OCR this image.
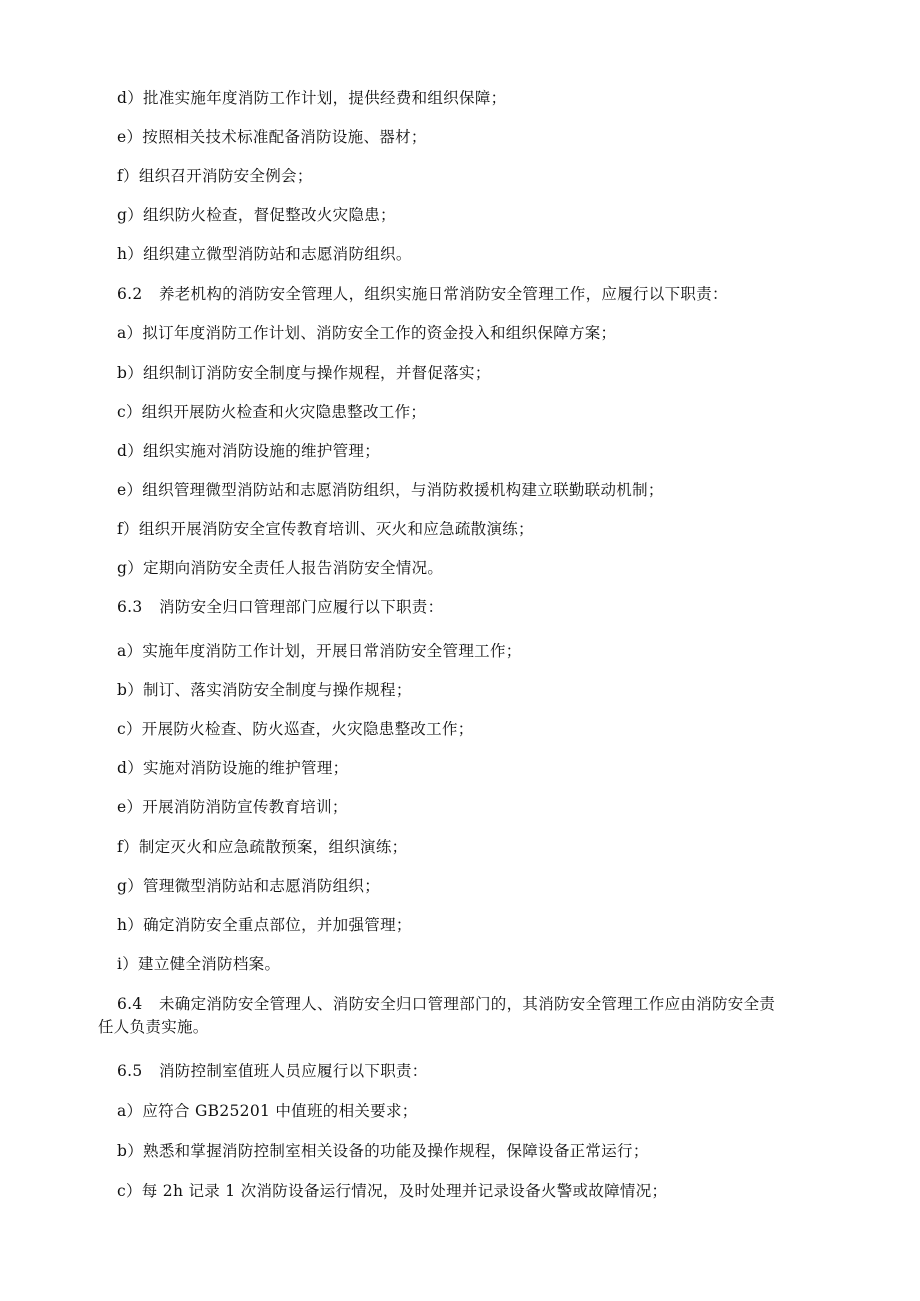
d）批准实施年度消防工作计划，提供经费和组织保障；
e）按照相关技术标准配备消防设施、器材；
f）组织召开消防安全例会；
g）组织防火检查，督促整改火灾隐患；
h）组织建立微型消防站和志愿消防组织。
6.2 养老机构的消防安全管理人，组织实施日常消防安全管理工作，应履行以下职责：
a）拟订年度消防工作计划、消防安全工作的资金投入和组织保障方案；
b）组织制订消防安全制度与操作规程，并督促落实；
c）组织开展防火检查和火灾隐患整改工作；
d）组织实施对消防设施的维护管理；
e）组织管理微型消防站和志愿消防组织，与消防救援机构建立联勤联动机制；
f）组织开展消防安全宣传教育培训、灭火和应急疏散演练；
g）定期向消防安全责任人报告消防安全情况。
6.3 消防安全归口管理部门应履行以下职责：
a）实施年度消防工作计划，开展日常消防安全管理工作；
b）制订、落实消防安全制度与操作规程；
c）开展防火检查、防火巡查，火灾隐患整改工作；
d）实施对消防设施的维护管理；
e）开展消防消防宣传教育培训；
f）制定灭火和应急疏散预案，组织演练；
g）管理微型消防站和志愿消防组织；
h）确定消防安全重点部位，并加强管理；
i）建立健全消防档案。
6.4 未确定消防安全管理人、消防安全归口管理部门的，其消防安全管理工作应由消防安全责
任人负责实施。
6.5 消防控制室值班人员应履行以下职责：
a）应符合 GB25201 中值班的相关要求；
b）熟悉和掌握消防控制室相关设备的功能及操作规程，保障设备正常运行；
c）每 2h 记录 1 次消防设备运行情况，及时处理并记录设备火警或故障情况；
